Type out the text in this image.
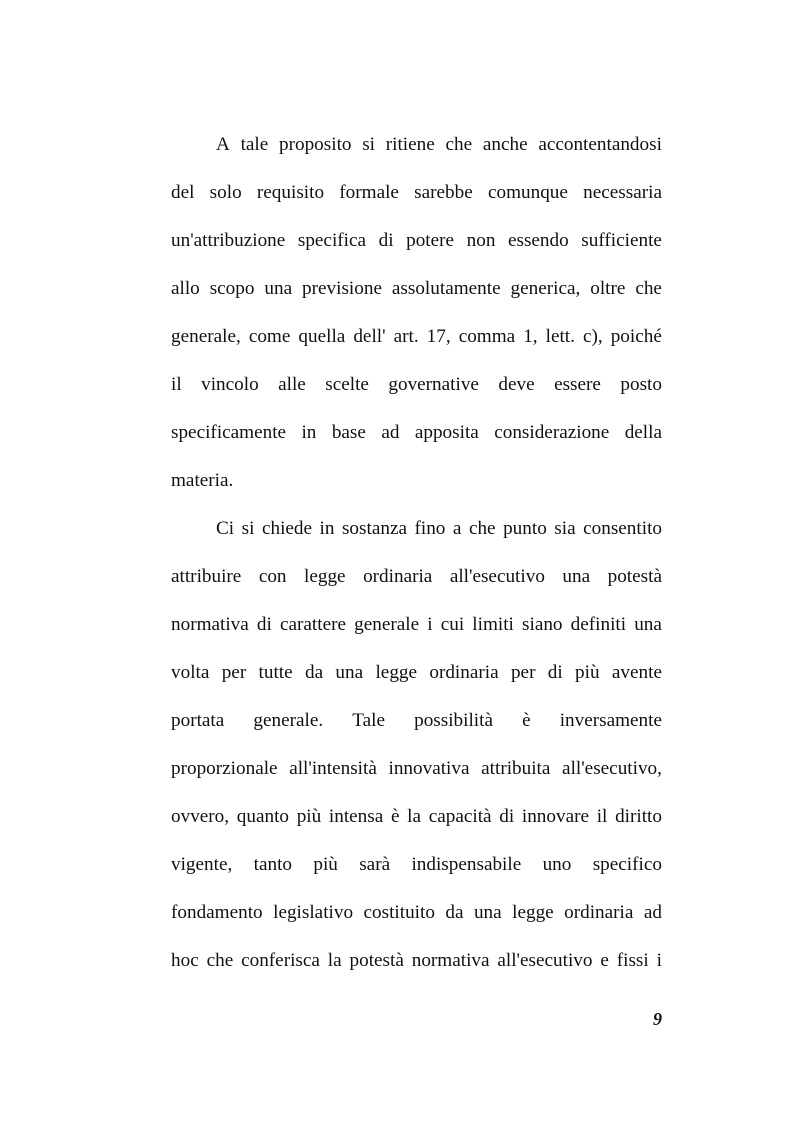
A tale proposito si ritiene che anche accontentandosi
del solo requisito formale sarebbe comunque necessaria
un'attribuzione specifica di potere non essendo sufficiente
allo scopo una previsione assolutamente generica, oltre che
generale, come quella dell' art. 17, comma 1, lett. c), poiché
il vincolo alle scelte governative deve essere posto
specificamente in base ad apposita considerazione della
materia.
Ci si chiede in sostanza fino a che punto sia consentito
attribuire con legge ordinaria all'esecutivo una potestà
normativa di carattere generale i cui limiti siano definiti una
volta per tutte da una legge ordinaria per di più avente
portata generale. Tale possibilità è inversamente
proporzionale all'intensità innovativa attribuita all'esecutivo,
ovvero, quanto più intensa è la capacità di innovare il diritto
vigente, tanto più sarà indispensabile uno specifico
fondamento legislativo costituito da una legge ordinaria ad
hoc che conferisca la potestà normativa all'esecutivo e fissi i
9
